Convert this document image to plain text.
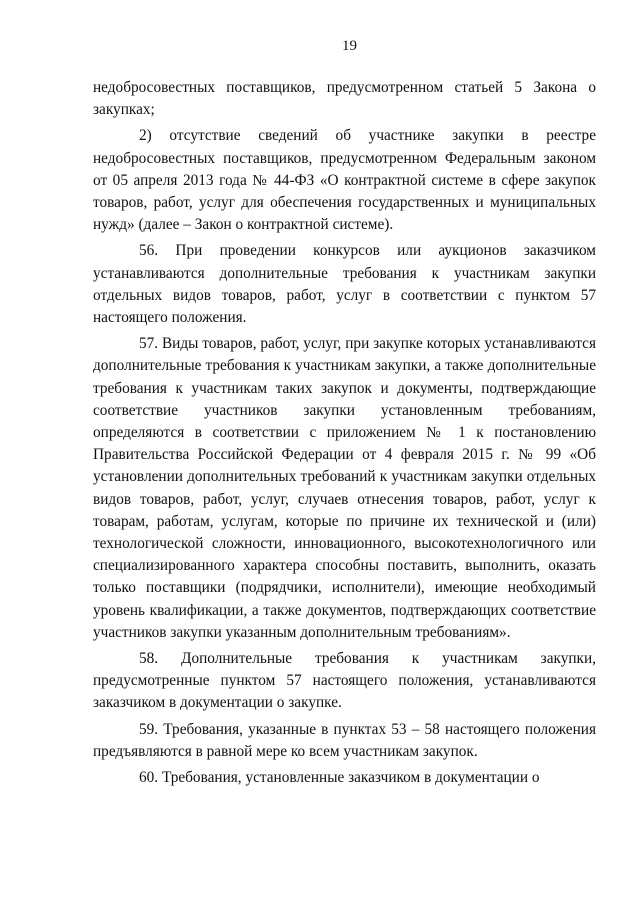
19

недобросовестных поставщиков, предусмотренном статьей 5 Закона о закупках;

2) отсутствие сведений об участнике закупки в реестре недобросовестных поставщиков, предусмотренном Федеральным законом от 05 апреля 2013 года № 44-ФЗ «О контрактной системе в сфере закупок товаров, работ, услуг для обеспечения государственных и муниципальных нужд» (далее – Закон о контрактной системе).

56. При проведении конкурсов или аукционов заказчиком устанавливаются дополнительные требования к участникам закупки отдельных видов товаров, работ, услуг в соответствии с пунктом 57 настоящего положения.

57. Виды товаров, работ, услуг, при закупке которых устанавливаются дополнительные требования к участникам закупки, а также дополнительные требования к участникам таких закупок и документы, подтверждающие соответствие участников закупки установленным требованиям, определяются в соответствии с приложением № 1 к постановлению Правительства Российской Федерации от 4 февраля 2015 г. № 99 «Об установлении дополнительных требований к участникам закупки отдельных видов товаров, работ, услуг, случаев отнесения товаров, работ, услуг к товарам, работам, услугам, которые по причине их технической и (или) технологической сложности, инновационного, высокотехнологичного или специализированного характера способны поставить, выполнить, оказать только поставщики (подрядчики, исполнители), имеющие необходимый уровень квалификации, а также документов, подтверждающих соответствие участников закупки указанным дополнительным требованиям».

58. Дополнительные требования к участникам закупки, предусмотренные пунктом 57 настоящего положения, устанавливаются заказчиком в документации о закупке.

59. Требования, указанные в пунктах 53 – 58 настоящего положения предъявляются в равной мере ко всем участникам закупок.

60. Требования, установленные заказчиком в документации о
